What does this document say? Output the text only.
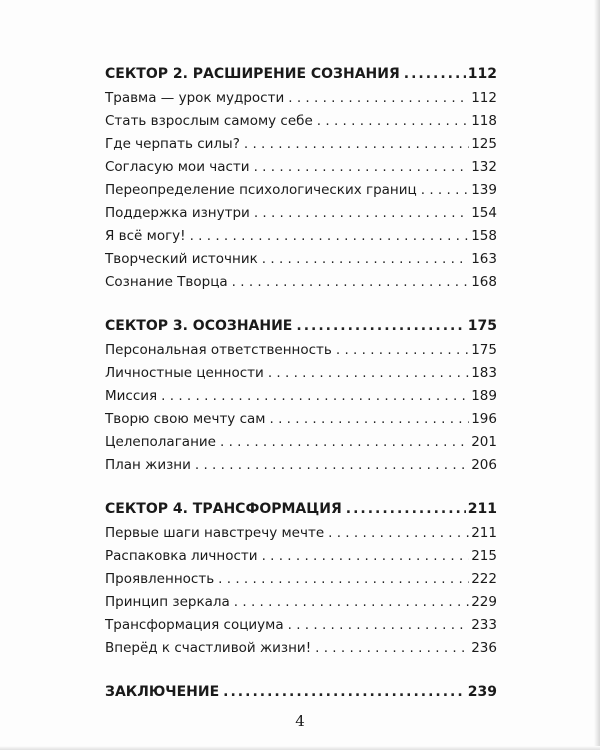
СЕКТОР 2. РАСШИРЕНИЕ СОЗНАНИЯ .....	112
Травма — урок мудрости . . .	112
Стать взрослым самому себе . . .	118
Где черпать силы? . . .	125
Согласую мои части . . .	132
Переопределение психологических границ . . .	139
Поддержка изнутри . . .	154
Я всё могу! . . .	158
Творческий источник . . .	163
Сознание Творца . . .	168
СЕКТОР 3. ОСОЗНАНИЕ .....	175
Персональная ответственность . . .	175
Личностные ценности . . .	183
Миссия . . .	189
Творю свою мечту сам . . .	196
Целеполагание . . .	201
План жизни . . .	206
СЕКТОР 4. ТРАНСФОРМАЦИЯ .....	211
Первые шаги навстречу мечте . . .	211
Распаковка личности . . .	215
Проявленность . . .	222
Принцип зеркала . . .	229
Трансформация социума . . .	233
Вперёд к счастливой жизни! . . .	236
ЗАКЛЮЧЕНИЕ .....	239
4
